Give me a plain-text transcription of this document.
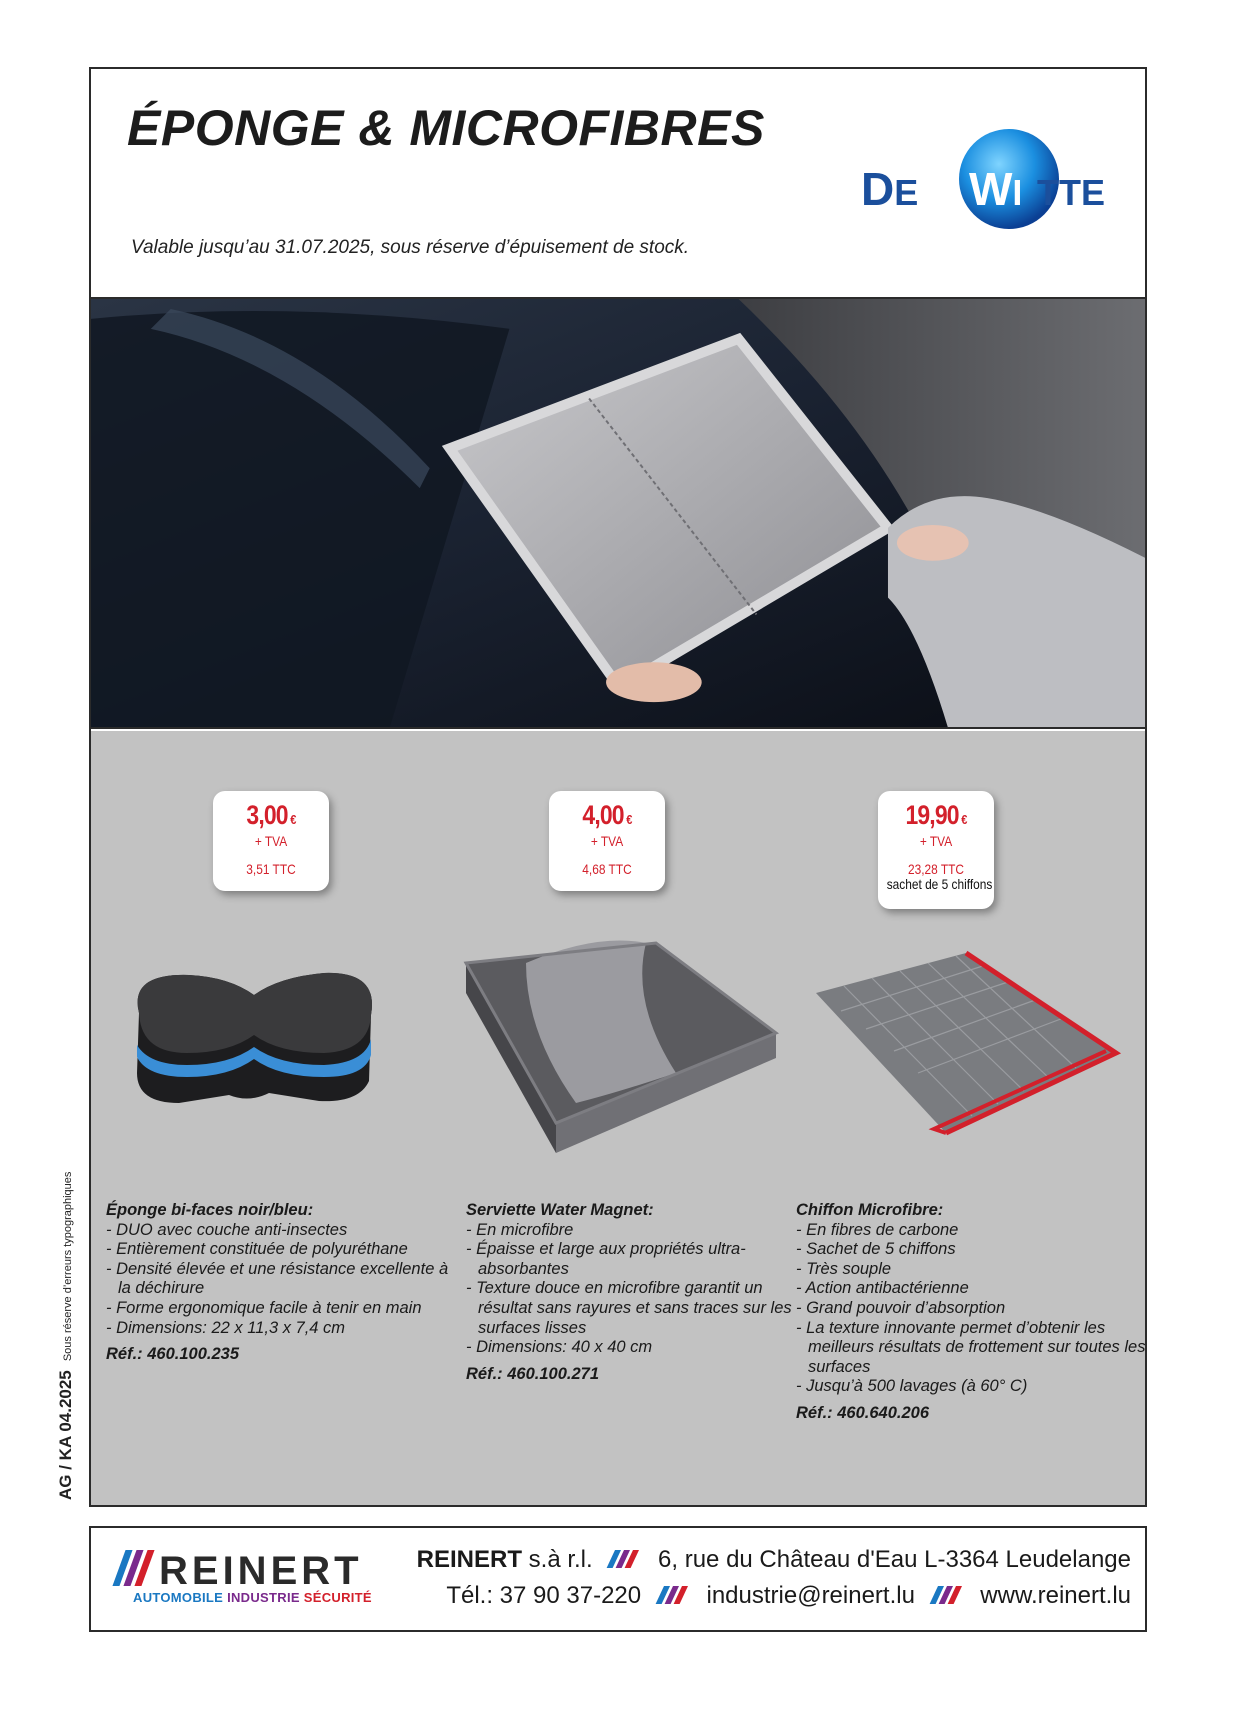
AG / KA 04.2025 Sous réserve d’erreurs typographiques
ÉPONGE & MICROFIBRES
Valable jusqu’au 31.07.2025, sous réserve d’épuisement de stock.
DE WI TTE
3,00 €
+ TVA
3,51 TTC
Éponge bi-faces noir/bleu:
- DUO avec couche anti-insectes
- Entièrement constituée de polyuréthane
- Densité élevée et une résistance excellente à la déchirure
- Forme ergonomique facile à tenir en main
- Dimensions: 22 x 11,3 x 7,4 cm
Réf.: 460.100.235
4,00 €
+ TVA
4,68 TTC
Serviette Water Magnet:
- En microfibre
- Épaisse et large aux propriétés ultra-absorbantes
- Texture douce en microfibre garantit un résultat sans rayures et sans traces sur les surfaces lisses
- Dimensions: 40 x 40 cm
Réf.: 460.100.271
19,90 €
+ TVA
23,28 TTC
sachet de 5 chiffons
Chiffon Microfibre:
- En fibres de carbone
- Sachet de 5 chiffons
- Très souple
- Action antibactérienne
- Grand pouvoir d’absorption
- La texture innovante permet d’obtenir les meilleurs résultats de frottement sur toutes les surfaces
- Jusqu’à 500 lavages (à 60° C)
Réf.: 460.640.206
REINERT
AUTOMOBILE INDUSTRIE SÉCURITÉ
REINERT s.à r.l.	6, rue du Château d'Eau L-3364 Leudelange
Tél.: 37 90 37-220	industrie@reinert.lu	www.reinert.lu
